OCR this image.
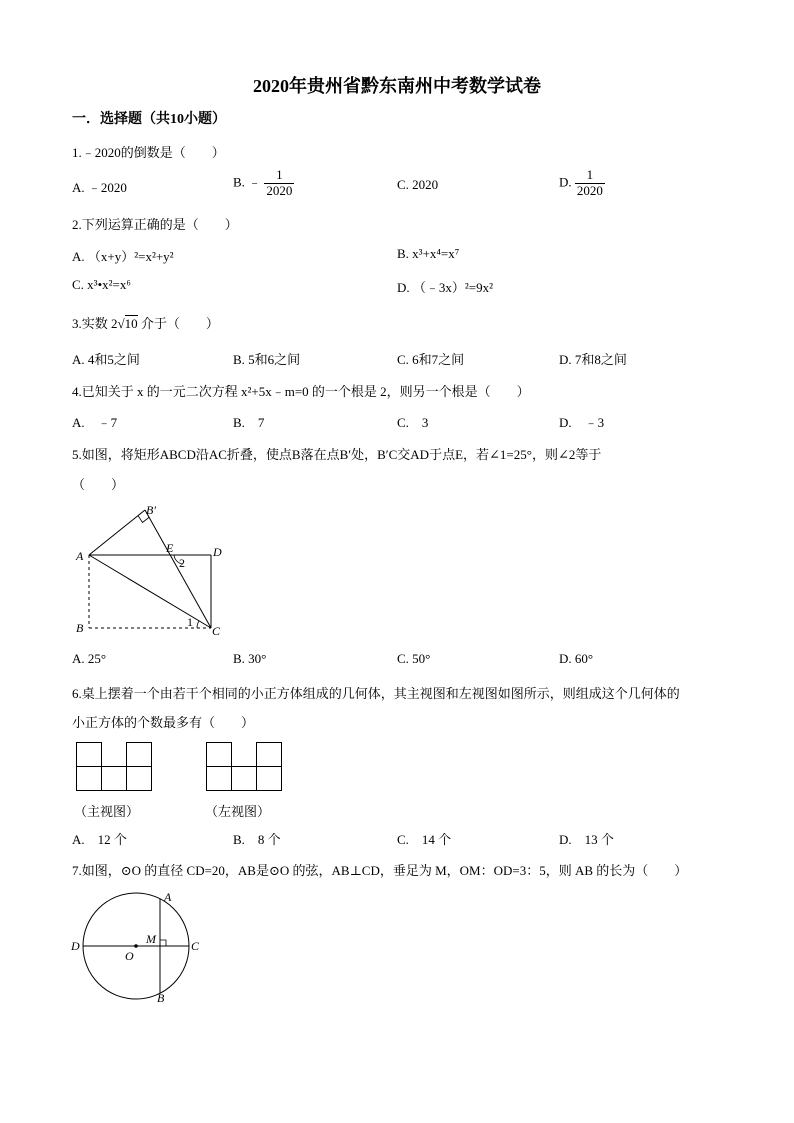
2020年贵州省黔东南州中考数学试卷
一．选择题（共10小题）
1.﹣2020的倒数是（　　）
A. ﹣2020	B. ﹣ $\frac{1}{2020}$	C. 2020	D. $\frac{1}{2020}$
2.下列运算正确的是（　　）
A. （x+y）²=x²+y²	B. x³+x⁴=x⁷
C. x³•x²=x⁶	D. （﹣3x）²=9x²
3.实数 2√10 介于（　　）
A. 4和5之间	B. 5和6之间	C. 6和7之间	D. 7和8之间
4.已知关于 x 的一元二次方程 x²+5x﹣m=0 的一个根是 2，则另一个根是（　　）
A.　﹣7	B.　7	C.　3	D.　﹣3
5.如图，将矩形ABCD沿AC折叠，使点B落在点B′处，B′C交AD于点E，若∠1=25°，则∠2等于
（　　）
B′
A
E	D
2
1
B	C
A. 25°	B. 30°	C. 50°	D. 60°
6.桌上摆着一个由若干个相同的小正方体组成的几何体，其主视图和左视图如图所示，则组成这个几何体的
小正方体的个数最多有（　　）
（主视图）	（左视图）
A.　12 个	B.　8 个	C.　14 个	D.　13 个
7.如图，⊙O 的直径 CD=20，AB是⊙O 的弦，AB⊥CD，垂足为 M，OM：OD=3：5，则 AB 的长为（　　）
A
D	M	C
O
B
